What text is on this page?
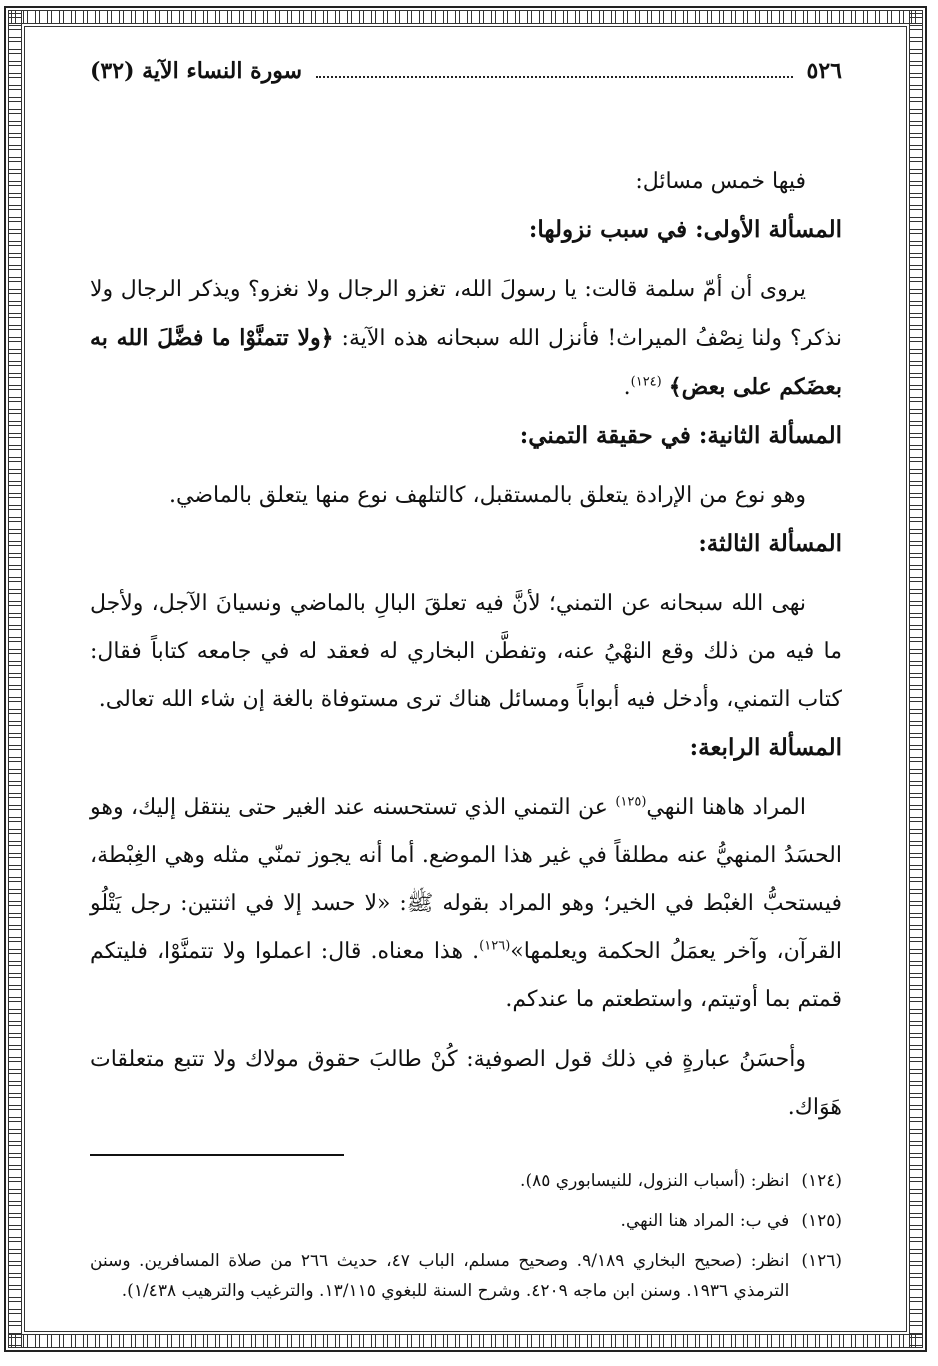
٥٢٦
سورة النساء الآية (٣٢)

فيها خمس مسائل:

المسألة الأولى: في سبب نزولها:

يروى أن أمّ سلمة قالت: يا رسولَ الله، تغزو الرجال ولا نغزو؟ ويذكر الرجال ولا نذكر؟ ولنا نِصْفُ الميراث! فأنزل الله سبحانه هذه الآية: ﴿ولا تتمنَّوْا ما فضَّلَ الله به بعضَكم على بعض﴾ $^{(١٢٤)}$.

المسألة الثانية: في حقيقة التمني:

وهو نوع من الإرادة يتعلق بالمستقبل، كالتلهف نوع منها يتعلق بالماضي.

المسألة الثالثة:

نهى الله سبحانه عن التمني؛ لأنَّ فيه تعلقَ البالِ بالماضي ونسيانَ الآجل، ولأجل ما فيه من ذلك وقع النهْيُ عنه، وتفطَّن البخاري له فعقد له في جامعه كتاباً فقال: كتاب التمني، وأدخل فيه أبواباً ومسائل هناك ترى مستوفاة بالغة إن شاء الله تعالى.

المسألة الرابعة:

المراد هاهنا النهي$^{(١٢٥)}$ عن التمني الذي تستحسنه عند الغير حتى ينتقل إليك، وهو الحسَدُ المنهيُّ عنه مطلقاً في غير هذا الموضع. أما أنه يجوز تمنّي مثله وهي الغِبْطة، فيستحبُّ الغبْط في الخير؛ وهو المراد بقوله ﷺ: «لا حسد إلا في اثنتين: رجل يَتْلُو القرآن، وآخر يعمَلُ الحكمة ويعلمها»$^{(١٢٦)}$. هذا معناه. قال: اعملوا ولا تتمنَّوْا، فليتكم قمتم بما أوتيتم، واستطعتم ما عندكم.

وأحسَنُ عبارةٍ في ذلك قول الصوفية: كُنْ طالبَ حقوق مولاك ولا تتبع متعلقات هَوَاك.

(١٢٤)
انظر: (أسباب النزول، للنيسابوري ٨٥).
(١٢٥)
في ب: المراد هنا النهي.
(١٢٦)
انظر: (صحيح البخاري ٩/١٨٩. وصحيح مسلم، الباب ٤٧، حديث ٢٦٦ من صلاة المسافرين. وسنن الترمذي ١٩٣٦. وسنن ابن ماجه ٤٢٠٩. وشرح السنة للبغوي ١٣/١١٥. والترغيب والترهيب ١/٤٣٨).
